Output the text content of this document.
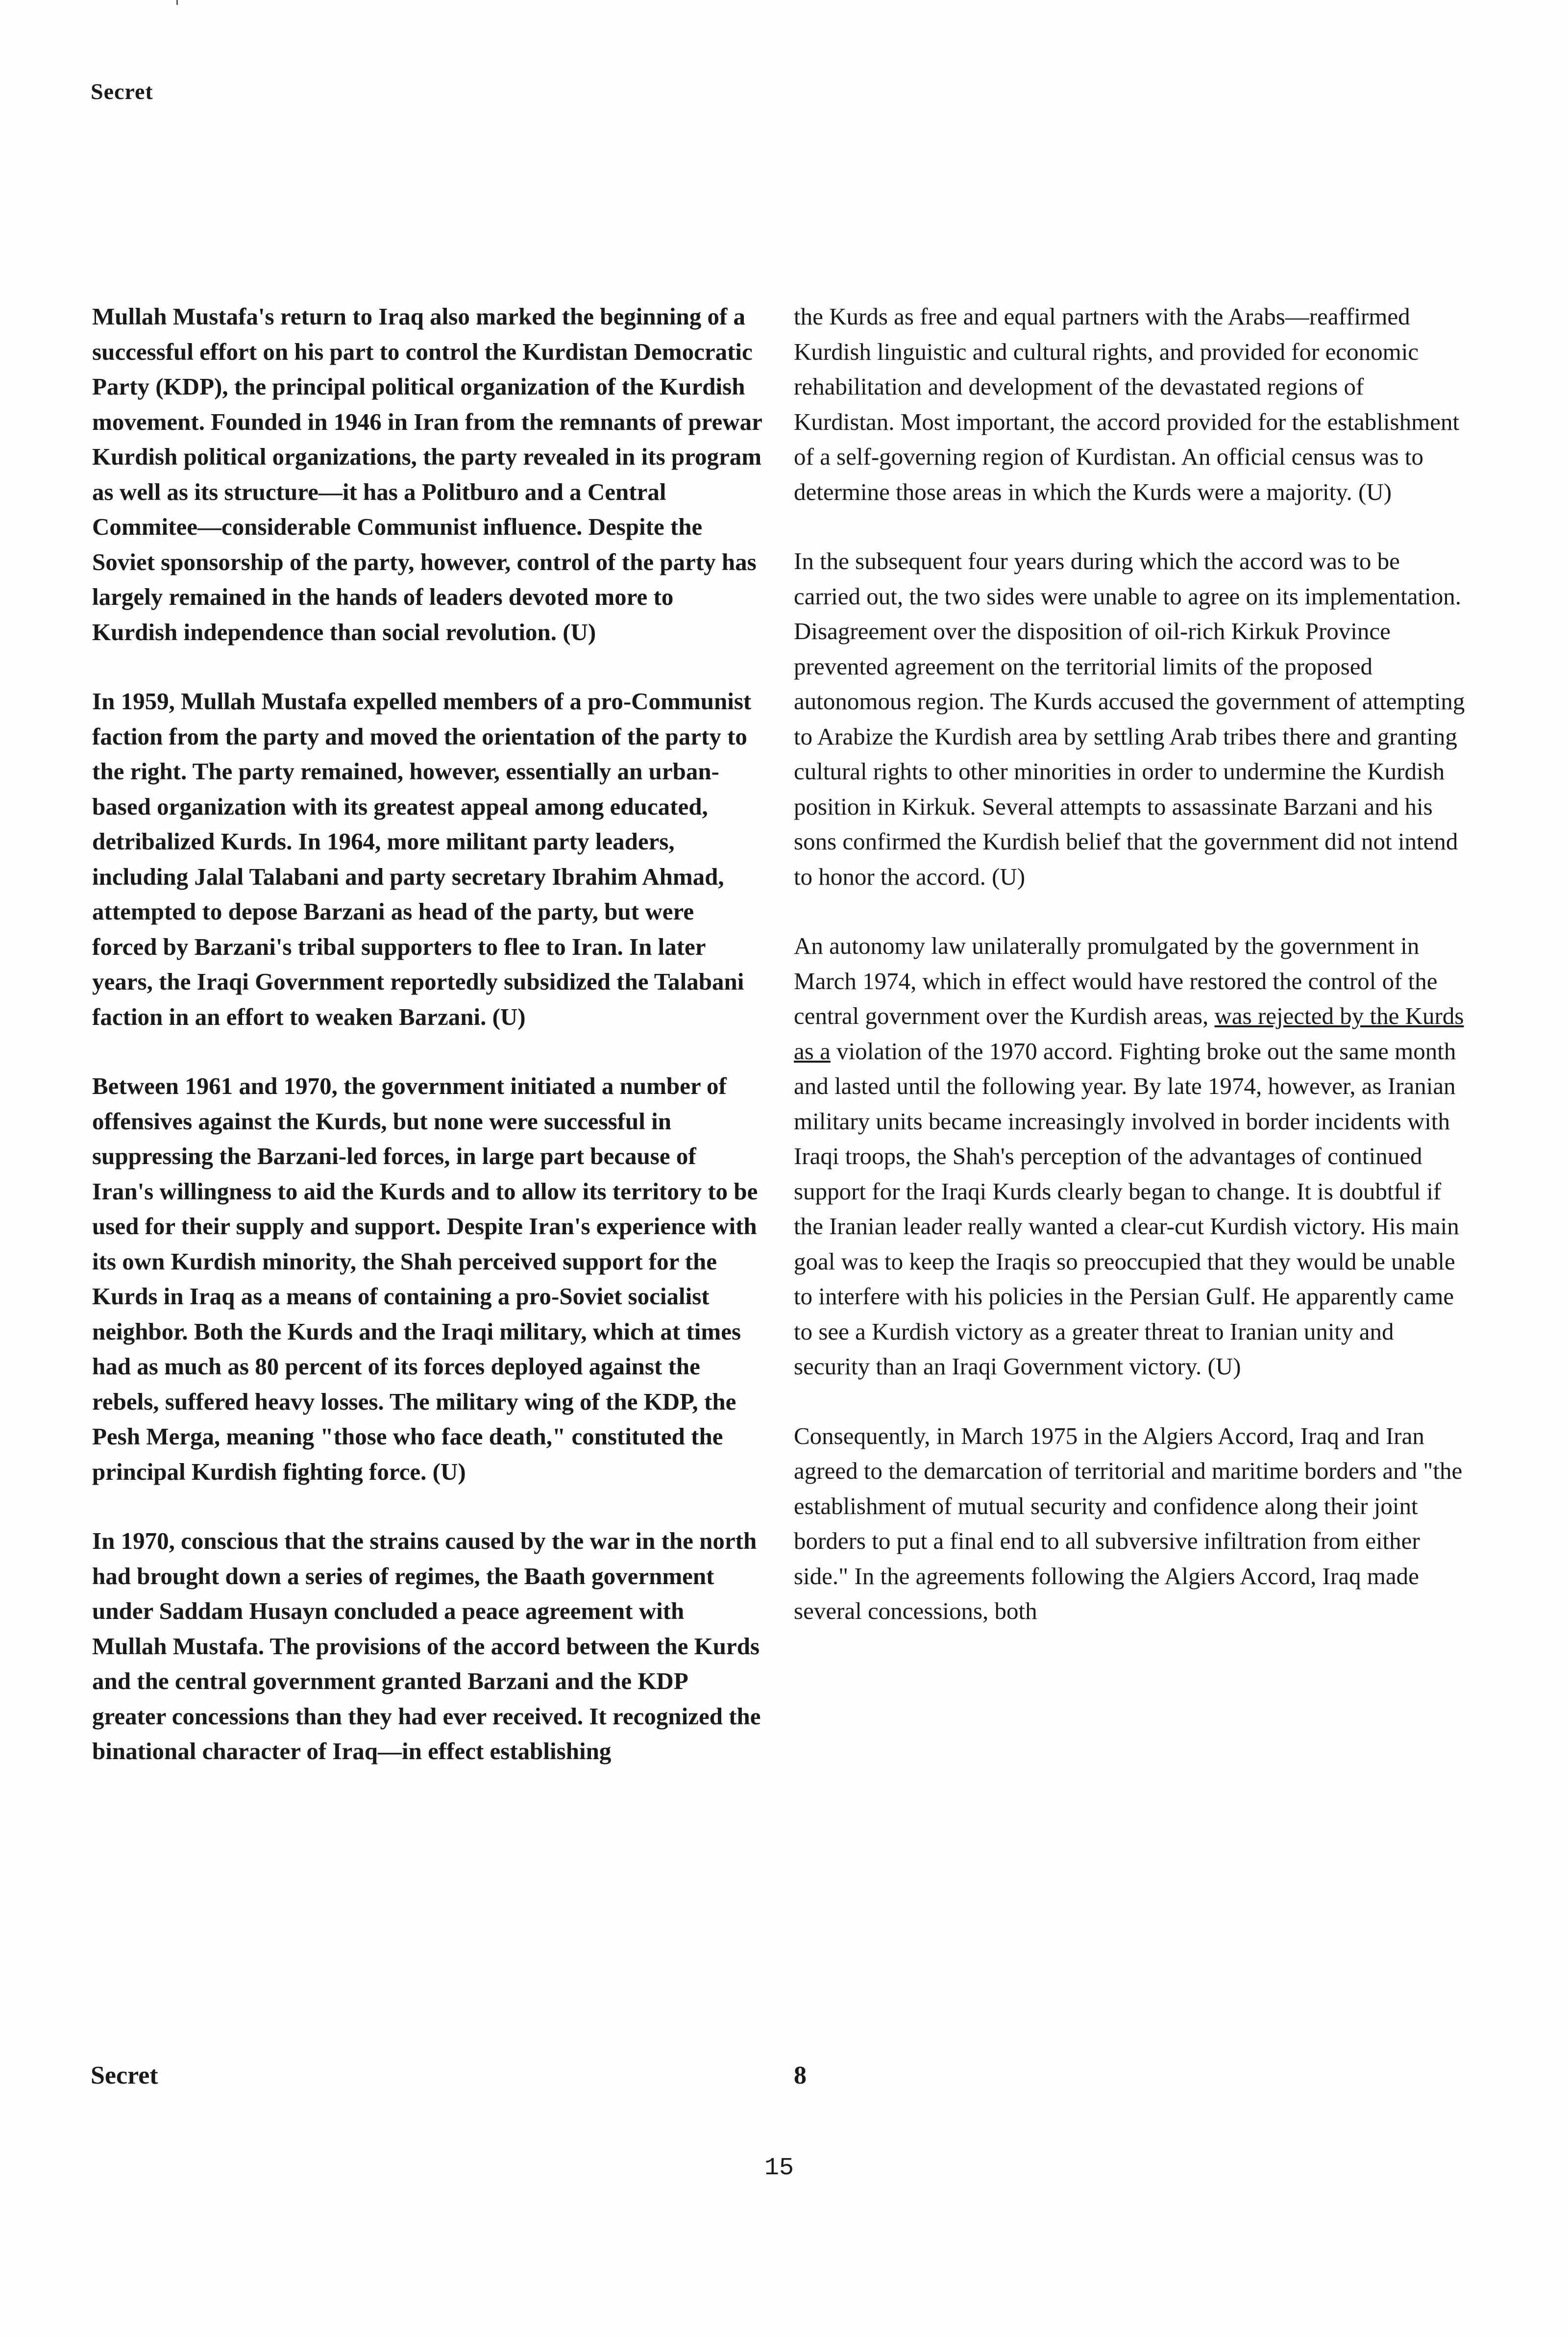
Secret

Mullah Mustafa's return to Iraq also marked the beginning of a successful effort on his part to control the Kurdistan Democratic Party (KDP), the principal political organization of the Kurdish movement. Founded in 1946 in Iran from the remnants of prewar Kurdish political organizations, the party revealed in its program as well as its structure—it has a Politburo and a Central Commitee—considerable Communist influence. Despite the Soviet sponsorship of the party, however, control of the party has largely remained in the hands of leaders devoted more to Kurdish independence than social revolution. (U)

In 1959, Mullah Mustafa expelled members of a pro-Communist faction from the party and moved the orientation of the party to the right. The party remained, however, essentially an urban-based organization with its greatest appeal among educated, detribalized Kurds. In 1964, more militant party leaders, including Jalal Talabani and party secretary Ibrahim Ahmad, attempted to depose Barzani as head of the party, but were forced by Barzani's tribal supporters to flee to Iran. In later years, the Iraqi Government reportedly subsidized the Talabani faction in an effort to weaken Barzani. (U)

Between 1961 and 1970, the government initiated a number of offensives against the Kurds, but none were successful in suppressing the Barzani-led forces, in large part because of Iran's willingness to aid the Kurds and to allow its territory to be used for their supply and support. Despite Iran's experience with its own Kurdish minority, the Shah perceived support for the Kurds in Iraq as a means of containing a pro-Soviet socialist neighbor. Both the Kurds and the Iraqi military, which at times had as much as 80 percent of its forces deployed against the rebels, suffered heavy losses. The military wing of the KDP, the Pesh Merga, meaning "those who face death," constituted the principal Kurdish fighting force. (U)

In 1970, conscious that the strains caused by the war in the north had brought down a series of regimes, the Baath government under Saddam Husayn concluded a peace agreement with Mullah Mustafa. The provisions of the accord between the Kurds and the central government granted Barzani and the KDP greater concessions than they had ever received. It recognized the binational character of Iraq—in effect establishing

the Kurds as free and equal partners with the Arabs—reaffirmed Kurdish linguistic and cultural rights, and provided for economic rehabilitation and development of the devastated regions of Kurdistan. Most important, the accord provided for the establishment of a self-governing region of Kurdistan. An official census was to determine those areas in which the Kurds were a majority. (U)

In the subsequent four years during which the accord was to be carried out, the two sides were unable to agree on its implementation. Disagreement over the disposition of oil-rich Kirkuk Province prevented agreement on the territorial limits of the proposed autonomous region. The Kurds accused the government of attempting to Arabize the Kurdish area by settling Arab tribes there and granting cultural rights to other minorities in order to undermine the Kurdish position in Kirkuk. Several attempts to assassinate Barzani and his sons confirmed the Kurdish belief that the government did not intend to honor the accord. (U)

An autonomy law unilaterally promulgated by the government in March 1974, which in effect would have restored the control of the central government over the Kurdish areas, was rejected by the Kurds as a violation of the 1970 accord. Fighting broke out the same month and lasted until the following year. By late 1974, however, as Iranian military units became increasingly involved in border incidents with Iraqi troops, the Shah's perception of the advantages of continued support for the Iraqi Kurds clearly began to change. It is doubtful if the Iranian leader really wanted a clear-cut Kurdish victory. His main goal was to keep the Iraqis so preoccupied that they would be unable to interfere with his policies in the Persian Gulf. He apparently came to see a Kurdish victory as a greater threat to Iranian unity and security than an Iraqi Government victory. (U)

Consequently, in March 1975 in the Algiers Accord, Iraq and Iran agreed to the demarcation of territorial and maritime borders and "the establishment of mutual security and confidence along their joint borders to put a final end to all subversive infiltration from either side." In the agreements following the Algiers Accord, Iraq made several concessions, both

Secret	8
15
